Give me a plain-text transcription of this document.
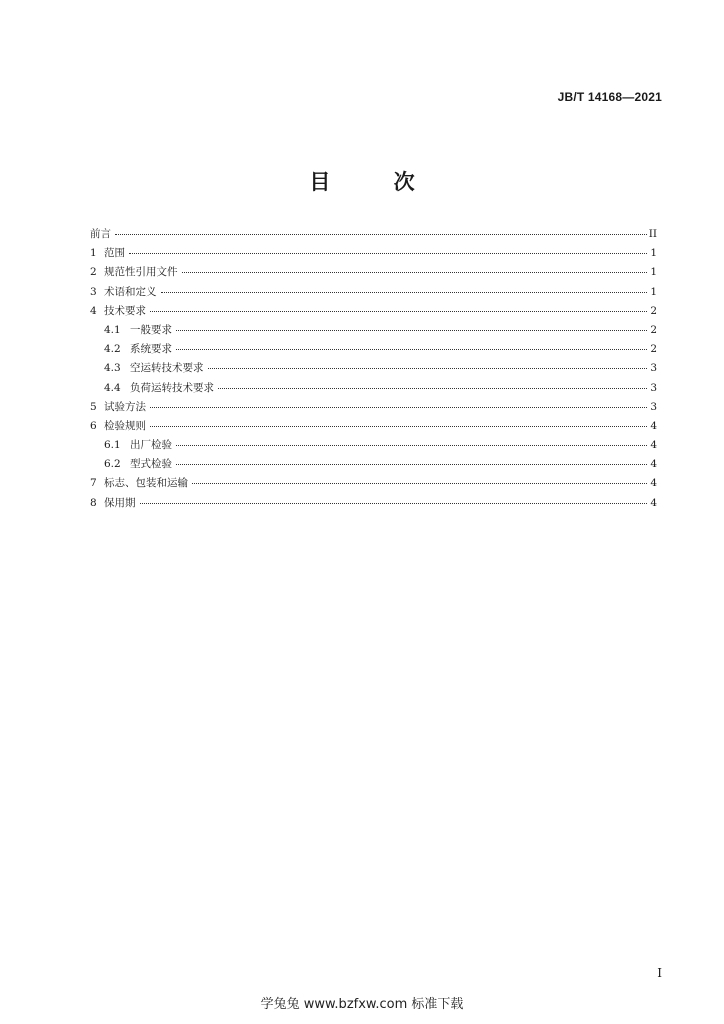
JB/T 14168—2021
目 次
前言	II
1 范围	1
2 规范性引用文件	1
3 术语和定义	1
4 技术要求	2
4.1 一般要求	2
4.2 系统要求	2
4.3 空运转技术要求	3
4.4 负荷运转技术要求	3
5 试验方法	3
6 检验规则	4
6.1 出厂检验	4
6.2 型式检验	4
7 标志、包装和运输	4
8 保用期	4
I
学兔兔 www.bzfxw.com 标准下载
